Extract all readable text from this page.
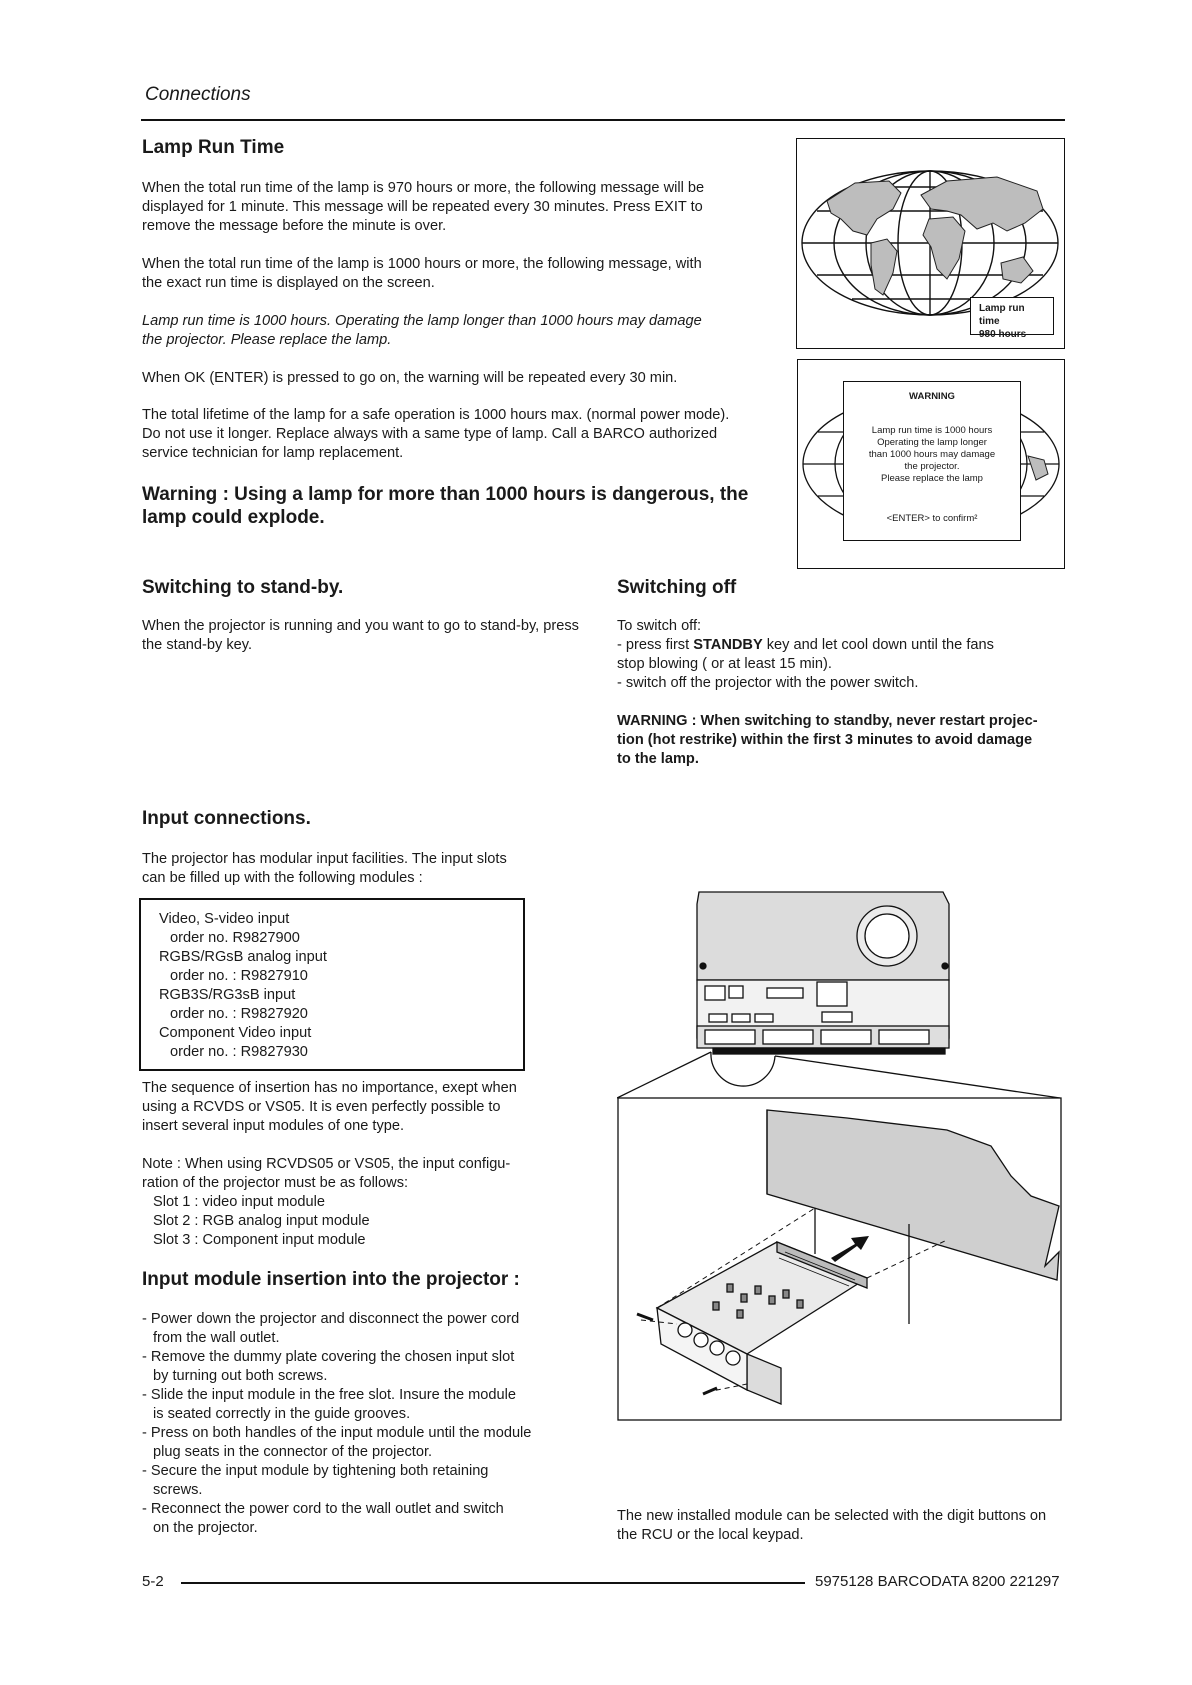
Connections
Lamp Run Time

When the total run time of the lamp is 970 hours or more, the following message will be
displayed for 1 minute. This message will be repeated every 30 minutes. Press EXIT to
remove the message before the minute is over.

When the total run time of the lamp is 1000 hours or more, the following message, with
the exact run time is displayed on the screen.

Lamp run time is 1000 hours. Operating the lamp longer than 1000 hours may damage
the projector. Please replace the lamp.

When OK (ENTER) is pressed to go on, the warning will be repeated every 30 min.

The total lifetime of the lamp for a safe operation is 1000 hours max. (normal power mode).
Do not use it longer. Replace always with a same type of lamp. Call a BARCO authorized
service technician for lamp replacement.

Warning : Using a lamp for more than 1000 hours is dangerous, the
lamp could explode.

Lamp run time
980 hours
WARNING
Lamp run time is 1000 hours
Operating the lamp longer
than 1000 hours may damage
the projector.
Please replace the lamp
<ENTER> to confirm²
Switching to stand-by.

When the projector is running and you want to go to stand-by, press
the stand-by key.

Switching off

To switch off:
- press first STANDBY key and let cool down until the fans
stop blowing ( or at least 15 min).
- switch off the projector with the power switch.

WARNING : When switching to standby, never restart projec-
tion (hot restrike) within the first 3 minutes to avoid damage
to the lamp.

Input connections.

The projector has modular input facilities. The input slots
can be filled up with the following modules :

Video, S-video input
order no. R9827900
RGBS/RGsB analog input
order no. : R9827910
RGB3S/RG3sB input
order no. : R9827920
Component Video input
order no. : R9827930

The sequence of insertion has no importance, exept when
using a RCVDS or VS05. It is even perfectly possible to
insert several input modules of one type.

Note : When using RCVDS05 or VS05, the input configu-
ration of the projector must be as follows:
Slot 1 : video input module
Slot 2 : RGB analog input module
Slot 3 : Component input module

Input module insertion into the projector :

- Power down the projector and disconnect the power cord
from the wall outlet.
- Remove the dummy plate covering the chosen input slot
by turning out both screws.
- Slide the input module in the free slot. Insure the module
is seated correctly in the guide grooves.
- Press on both handles of the input module until the module
plug seats in the connector of the projector.
- Secure the input module by tightening both retaining
screws.
- Reconnect the power cord to the wall outlet and switch
on the projector.

The new installed module can be selected with the digit buttons on
the RCU or the local keypad.

5-2	5975128 BARCODATA 8200 221297
